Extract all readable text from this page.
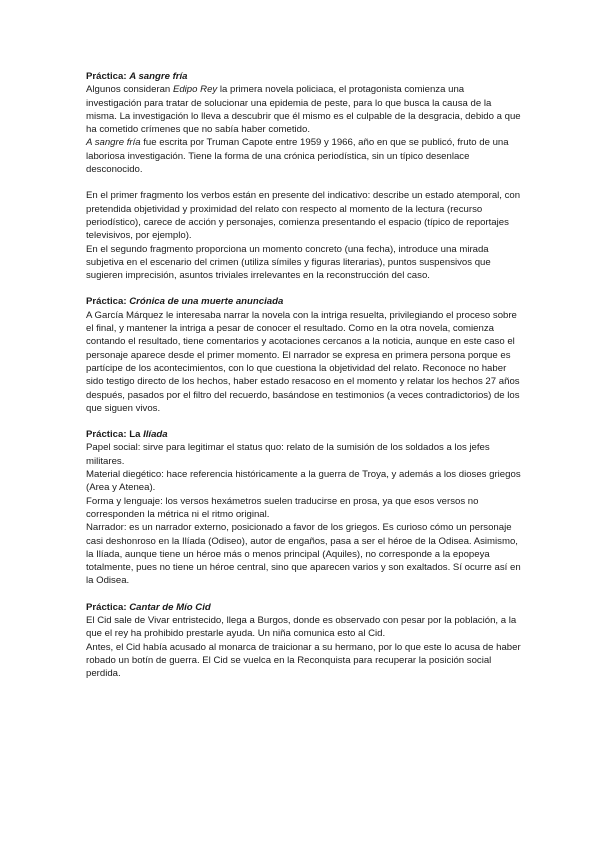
Práctica: A sangre fría

Algunos consideran Edipo Rey la primera novela policiaca, el protagonista comienza una investigación para tratar de solucionar una epidemia de peste, para lo que busca la causa de la misma. La investigación lo lleva a descubrir que él mismo es el culpable de la desgracia, debido a que ha cometido crímenes que no sabía haber cometido.

A sangre fría fue escrita por Truman Capote entre 1959 y 1966, año en que se publicó, fruto de una laboriosa investigación. Tiene la forma de una crónica periodística, sin un típico desenlace desconocido.

En el primer fragmento los verbos están en presente del indicativo: describe un estado atemporal, con pretendida objetividad y proximidad del relato con respecto al momento de la lectura (recurso periodístico), carece de acción y personajes, comienza presentando el espacio (típico de reportajes televisivos, por ejemplo).

En el segundo fragmento proporciona un momento concreto (una fecha), introduce una mirada subjetiva en el escenario del crimen (utiliza símiles y figuras literarias), puntos suspensivos que sugieren imprecisión, asuntos triviales irrelevantes en la reconstrucción del caso.

Práctica: Crónica de una muerte anunciada

A García Márquez le interesaba narrar la novela con la intriga resuelta, privilegiando el proceso sobre el final, y mantener la intriga a pesar de conocer el resultado. Como en la otra novela, comienza contando el resultado, tiene comentarios y acotaciones cercanos a la noticia, aunque en este caso el personaje aparece desde el primer momento. El narrador se expresa en primera persona porque es partícipe de los acontecimientos, con lo que cuestiona la objetividad del relato. Reconoce no haber sido testigo directo de los hechos, haber estado resacoso en el momento y relatar los hechos 27 años después, pasados por el filtro del recuerdo, basándose en testimonios (a veces contradictorios) de los que siguen vivos.

Práctica: La Ilíada

Papel social: sirve para legitimar el status quo: relato de la sumisión de los soldados a los jefes militares.

Material diegético: hace referencia históricamente a la guerra de Troya, y además a los dioses griegos (Area y Atenea).

Forma y lenguaje: los versos hexámetros suelen traducirse en prosa, ya que esos versos no corresponden la métrica ni el ritmo original.

Narrador: es un narrador externo, posicionado a favor de los griegos. Es curioso cómo un personaje casi deshonroso en la Ilíada (Odiseo), autor de engaños, pasa a ser el héroe de la Odisea. Asimismo, la Ilíada, aunque tiene un héroe más o menos principal (Aquiles), no corresponde a la epopeya totalmente, pues no tiene un héroe central, sino que aparecen varios y son exaltados. Sí ocurre así en la Odisea.

Práctica: Cantar de Mío Cid

El Cid sale de Vivar entristecido, llega a Burgos, donde es observado con pesar por la población, a la que el rey ha prohibido prestarle ayuda. Un niña comunica esto al Cid.

Antes, el Cid había acusado al monarca de traicionar a su hermano, por lo que este lo acusa de haber robado un botín de guerra. El Cid se vuelca en la Reconquista para recuperar la posición social perdida.
